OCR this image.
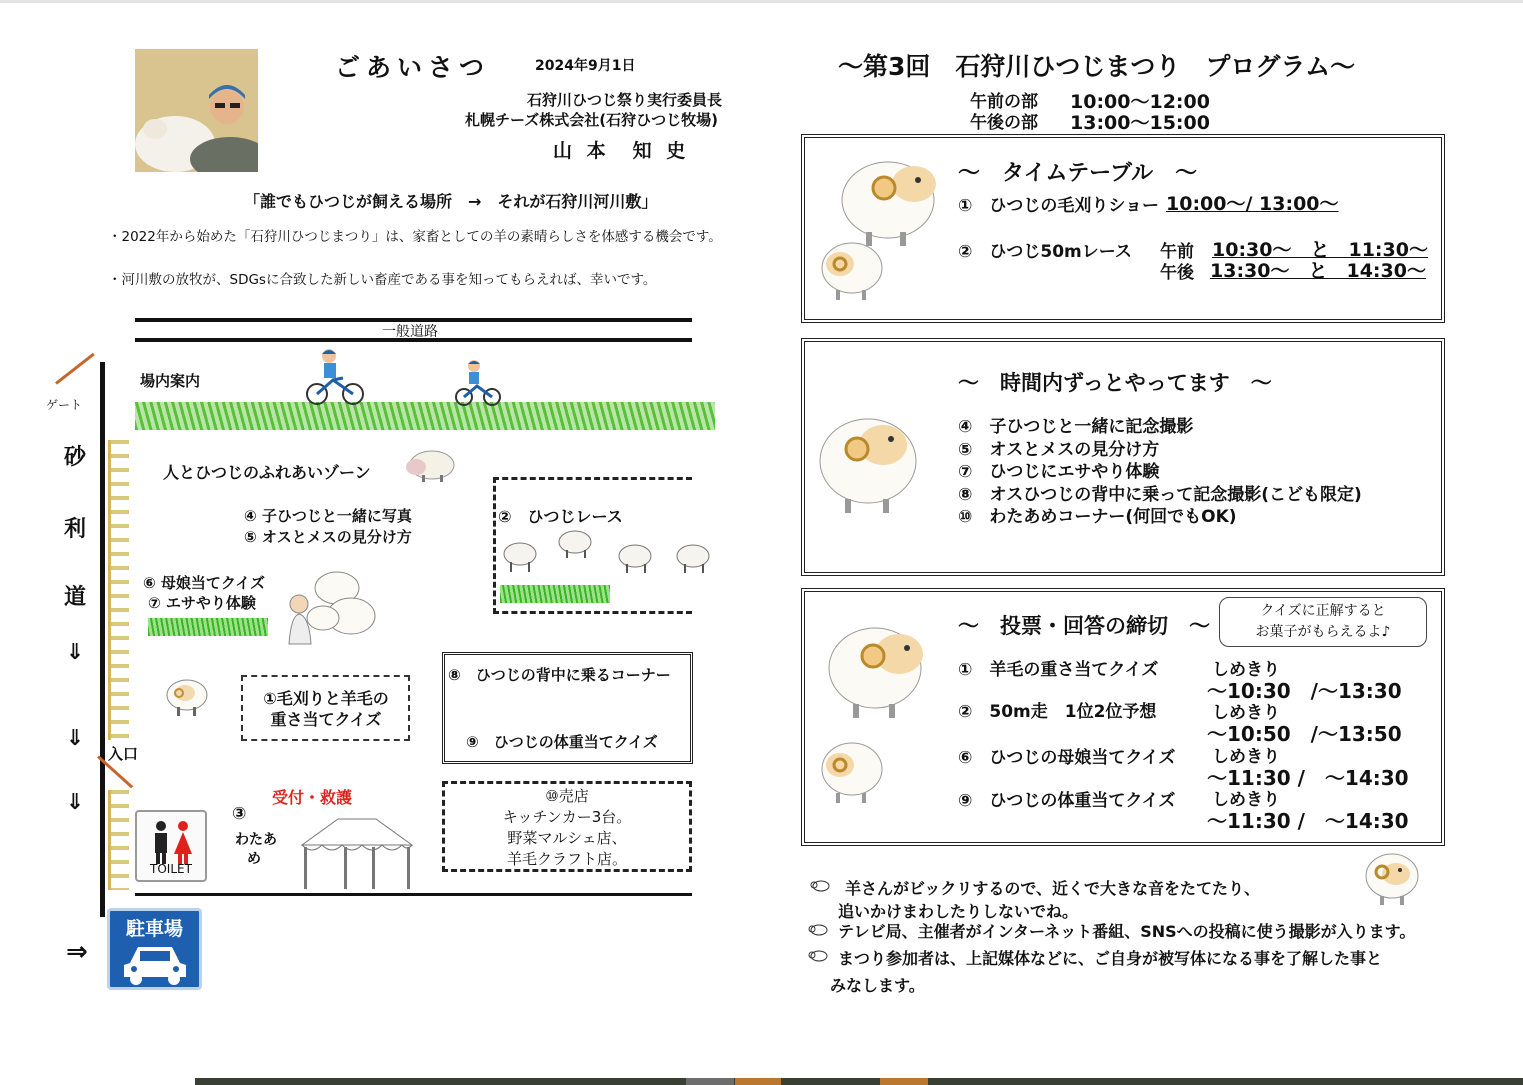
ごあいさつ	2024年9月1日
石狩川ひつじ祭り実行委員長
札幌チーズ株式会社(石狩ひつじ牧場)
山 本　知 史
「誰でもひつじが飼える場所　→　それが石狩川河川敷」
・2022年から始めた「石狩川ひつじまつり」は、家畜としての羊の素晴らしさを体感する機会です。
・河川敷の放牧が、SDGsに合致した新しい畜産である事を知ってもらえれば、幸いです。
一般道路
ゲート
砂
利
道
⇓
⇓
⇓
場内案内
人とひつじのふれあいゾーン
④ 子ひつじと一緒に写真
⑤ オスとメスの見分け方
⑥ 母娘当てクイズ
⑦ エサやり体験
②　ひつじレース
①毛刈りと羊毛の
重さ当てクイズ
⑧　ひつじの背中に乗るコーナー
⑨　ひつじの体重当てクイズ
入口
TOILET
受付・救護
③
わたあ
め
⑩売店
キッチンカー3台。
野菜マルシェ店、
羊毛クラフト店。
駐車場
⇒
～第3回　石狩川ひつじまつり　プログラム～
午前の部 10:00～12:00
午後の部 13:00～15:00
～　タイムテーブル　～
①　ひつじの毛刈りショー 10:00～/ 13:00～
②　ひつじ50mレース 午前 10:30～　と　11:30～
午後 13:30～　と　14:30～
～　時間内ずっとやってます　～
④　子ひつじと一緒に記念撮影
⑤　オスとメスの見分け方
⑦　ひつじにエサやり体験
⑧　オスひつじの背中に乗って記念撮影(こども限定)
⑩　わたあめコーナー(何回でもOK)
～　投票・回答の締切　～
クイズに正解すると
お菓子がもらえるよ♪
①　羊毛の重さ当てクイズ	しめきり
～10:30　/～13:30
②　50m走　1位2位予想	しめきり
～10:50　/～13:50
⑥　ひつじの母娘当てクイズ しめきり
～11:30 /　～14:30
⑨　ひつじの体重当てクイズ しめきり
～11:30 /　～14:30
羊さんがビックリするので、近くで大きな音をたてたり、
追いかけまわしたりしないでね。
テレビ局、主催者がインターネット番組、SNSへの投稿に使う撮影が入ります。
まつり参加者は、上記媒体などに、ご自身が被写体になる事を了解した事と
みなします。
